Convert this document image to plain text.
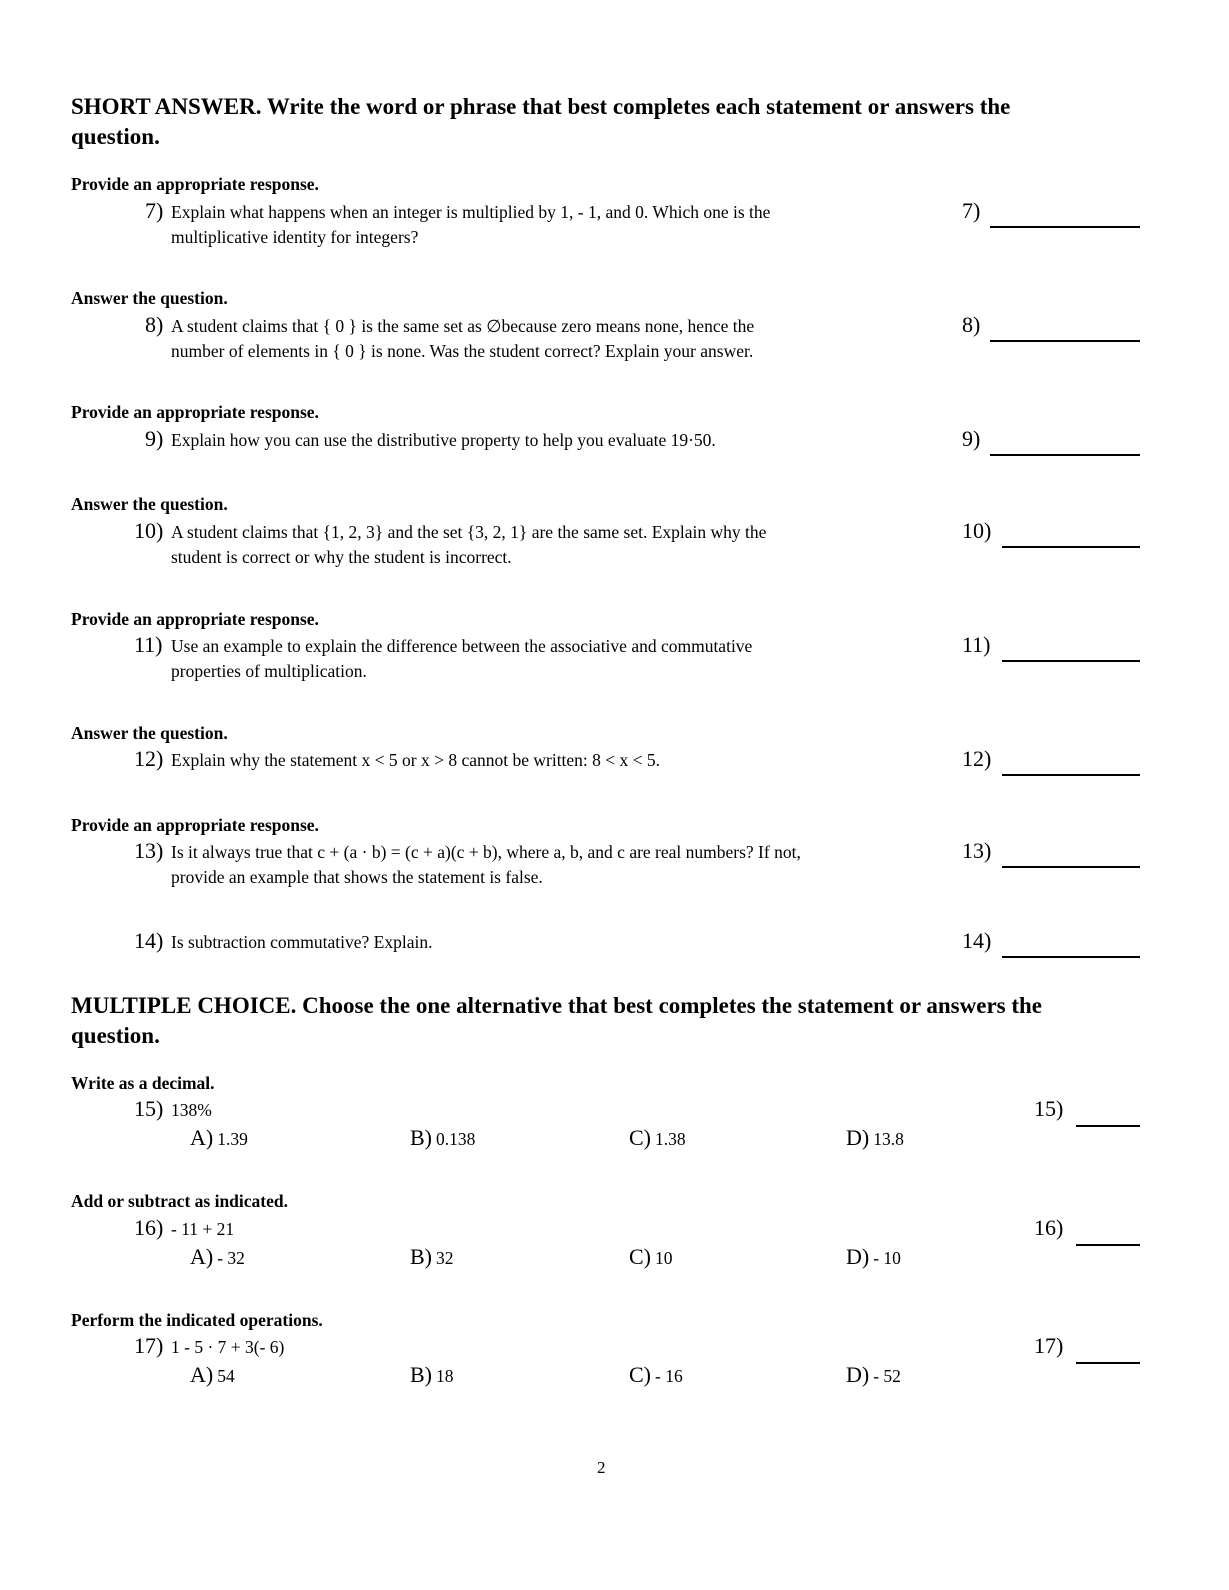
SHORT ANSWER. Write the word or phrase that best completes each statement or answers the
question.
Provide an appropriate response.
7) Explain what happens when an integer is multiplied by 1, - 1, and 0. Which one is the
multiplicative identity for integers?
7)
Answer the question.
8) A student claims that { 0 } is the same set as ∅because zero means none, hence the
number of elements in { 0 } is none. Was the student correct? Explain your answer.
8)
Provide an appropriate response.
9) Explain how you can use the distributive property to help you evaluate 19·50.	9)
Answer the question.
10) A student claims that {1, 2, 3} and the set {3, 2, 1} are the same set. Explain why the
student is correct or why the student is incorrect.
10)
Provide an appropriate response.
11) Use an example to explain the difference between the associative and commutative
properties of multiplication.
11)
Answer the question.
12) Explain why the statement x < 5 or x > 8 cannot be written: 8 < x < 5.	12)
Provide an appropriate response.
13) Is it always true that c + (a · b) = (c + a)(c + b), where a, b, and c are real numbers? If not,
provide an example that shows the statement is false.
13)
14) Is subtraction commutative? Explain.	14)
MULTIPLE CHOICE. Choose the one alternative that best completes the statement or answers the
question.
Write as a decimal.
15) 138%	15)
A) 1.39	B) 0.138	C) 1.38	D) 13.8
Add or subtract as indicated.
16) - 11 + 21	16)
A) - 32	B) 32	C) 10	D) - 10
Perform the indicated operations.
17) 1 - 5 · 7 + 3(- 6)	17)
A) 54	B) 18	C) - 16	D) - 52
2
